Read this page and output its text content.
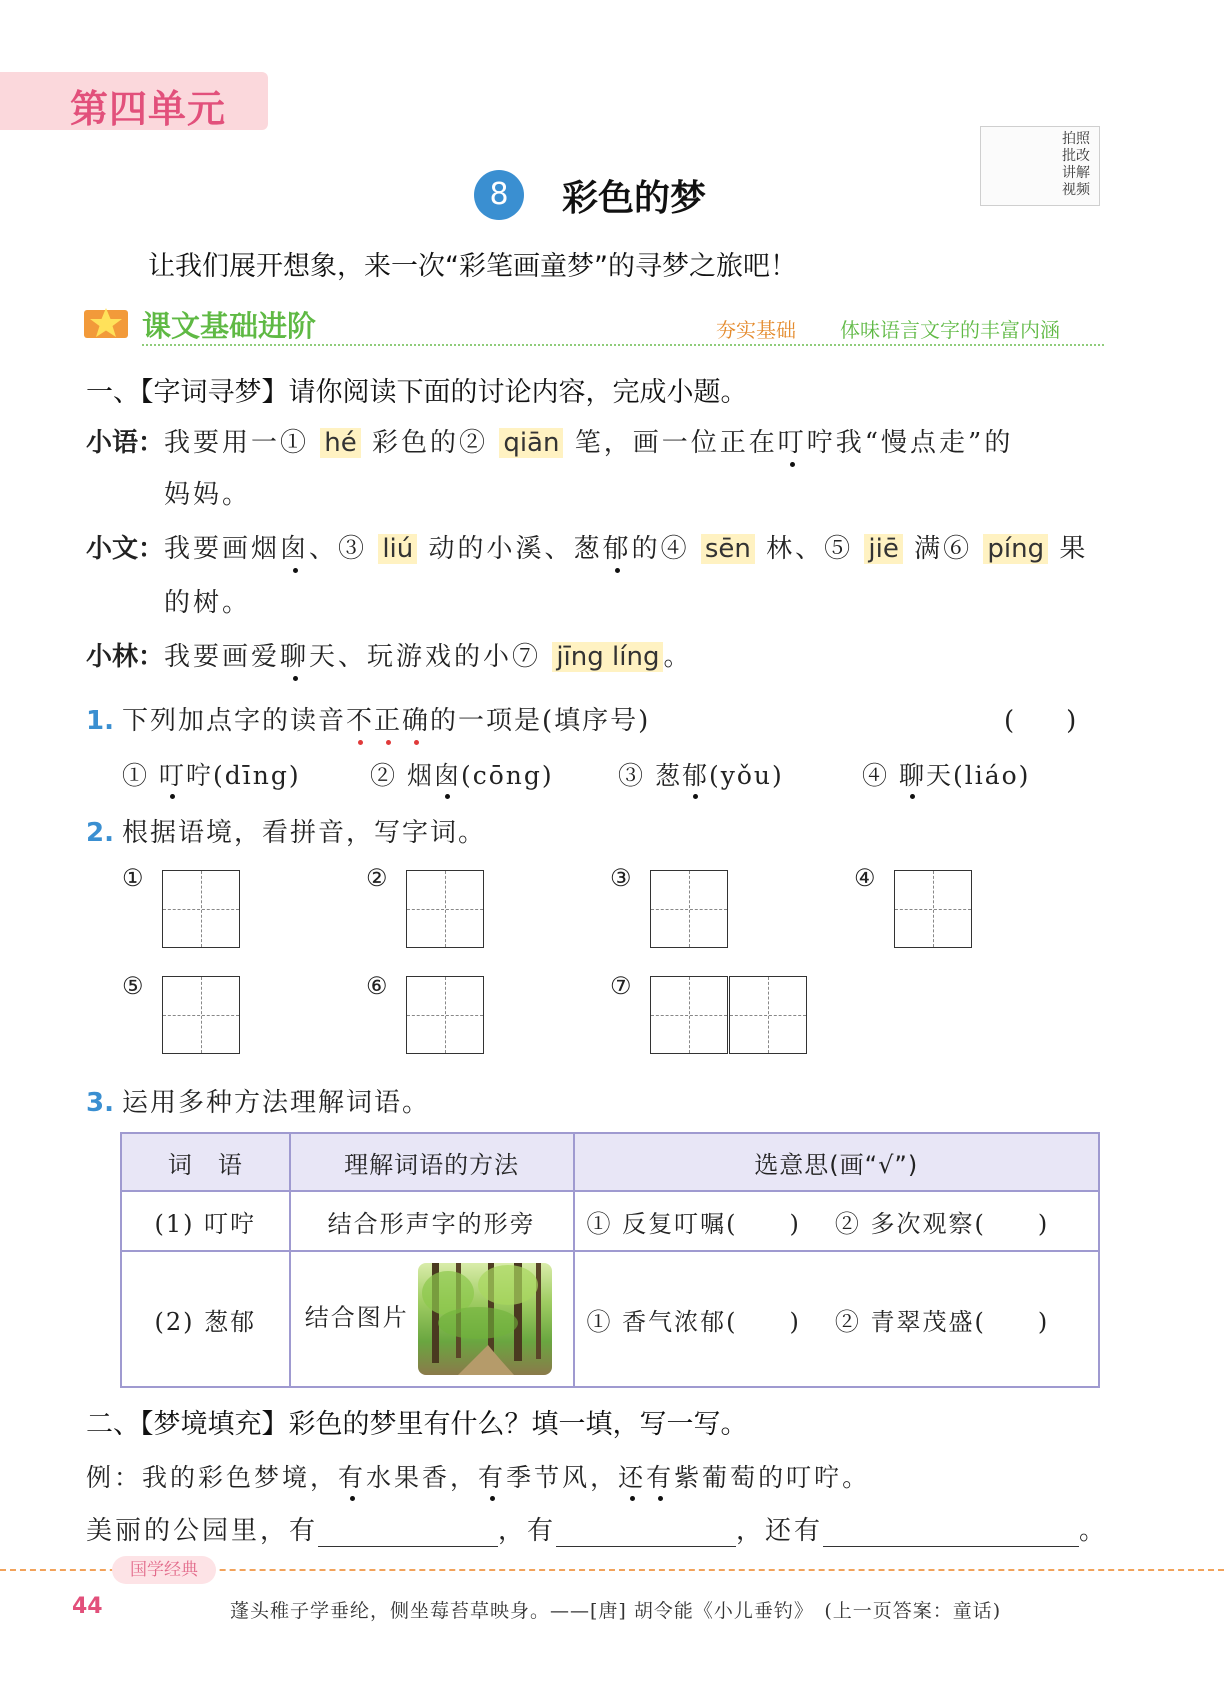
第四单元
拍照批改讲解视频
8	彩色的梦
让我们展开想象，来一次“彩笔画童梦”的寻梦之旅吧！
课文基础进阶	夯实基础 体味语言文字的丰富内涵
一、【字词寻梦】请你阅读下面的讨论内容，完成小题。
小语：我要用一① hé 彩色的② qiān 笔，画一位正在叮咛我“慢点走”的
妈妈。
小文：我要画烟囱、③ liú 动的小溪、葱郁的④ sēn 林、⑤ jiē 满⑥ píng 果
的树。
小林：我要画爱聊天、玩游戏的小⑦ jīng líng 。
1. 下列加点字的读音不正确的一项是(填序号)	(　　)
① 叮咛(dīng)	② 烟囱(cōng)	③ 葱郁(yǒu)	④ 聊天(liáo)
2. 根据语境，看拼音，写字词。
①	②	③	④
⑤	⑥	⑦
3. 运用多种方法理解词语。
词　语	理解词语的方法	选意思(画“√”)
(1) 叮咛	结合形声字的形旁	① 反复叮嘱(　　) ② 多次观察(　　)
(2) 葱郁	结合图片	① 香气浓郁(　　) ② 青翠茂盛(　　)
二、【梦境填充】彩色的梦里有什么？填一填，写一写。
例：我的彩色梦境，有水果香，有季节风，还有紫葡萄的叮咛。
美丽的公园里，有	，有	，还有	。
国学经典
44	蓬头稚子学垂纶，侧坐莓苔草映身。——[唐] 胡令能《小儿垂钓》　(上一页答案：童话)
